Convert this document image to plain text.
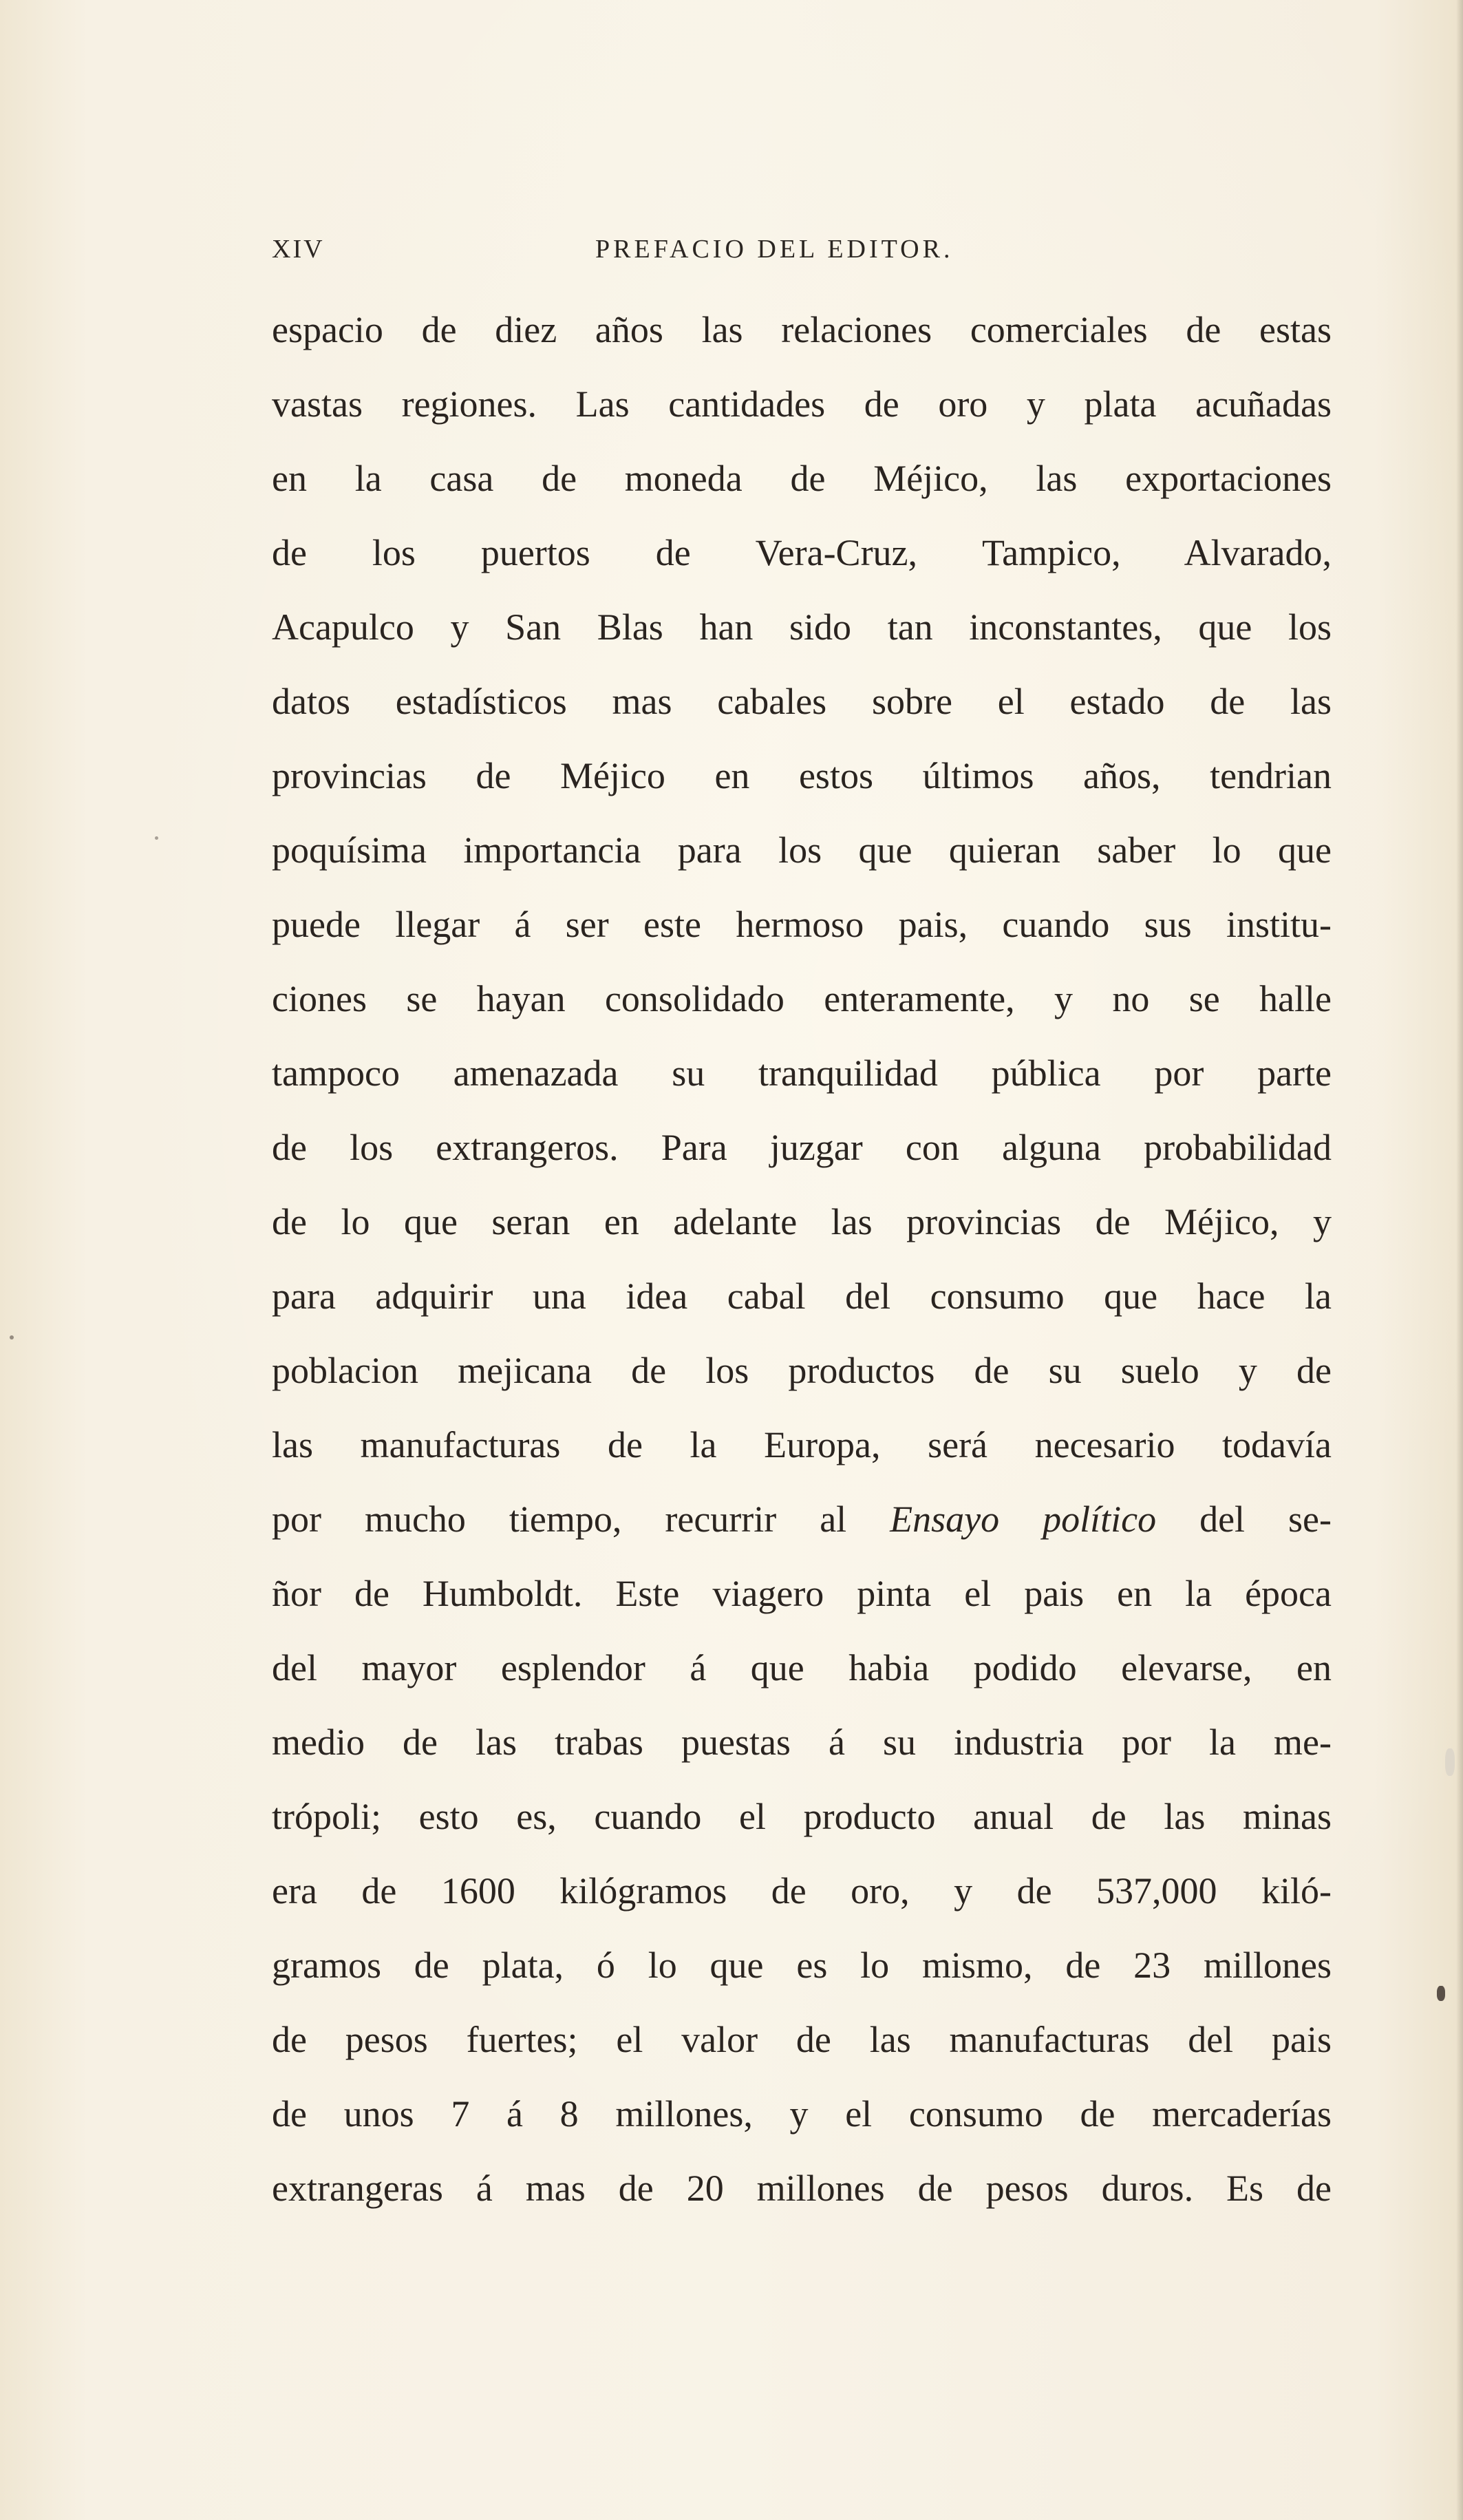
XIV	PREFACIO DEL EDITOR.
espacio de diez años las relaciones comerciales de estas
vastas regiones. Las cantidades de oro y plata acuñadas
en la casa de moneda de Méjico, las exportaciones
de los puertos de Vera-Cruz, Tampico, Alvarado,
Acapulco y San Blas han sido tan inconstantes, que los
datos estadísticos mas cabales sobre el estado de las
provincias de Méjico en estos últimos años, tendrian
poquísima importancia para los que quieran saber lo que
puede llegar á ser este hermoso pais, cuando sus institu-
ciones se hayan consolidado enteramente, y no se halle
tampoco amenazada su tranquilidad pública por parte
de los extrangeros. Para juzgar con alguna probabilidad
de lo que seran en adelante las provincias de Méjico, y
para adquirir una idea cabal del consumo que hace la
poblacion mejicana de los productos de su suelo y de
las manufacturas de la Europa, será necesario todavía
por mucho tiempo, recurrir al Ensayo político del se-
ñor de Humboldt. Este viagero pinta el pais en la época
del mayor esplendor á que habia podido elevarse, en
medio de las trabas puestas á su industria por la me-
trópoli; esto es, cuando el producto anual de las minas
era de 1600 kilógramos de oro, y de 537,000 kiló-
gramos de plata, ó lo que es lo mismo, de 23 millones
de pesos fuertes; el valor de las manufacturas del pais
de unos 7 á 8 millones, y el consumo de mercaderías
extrangeras á mas de 20 millones de pesos duros. Es de
